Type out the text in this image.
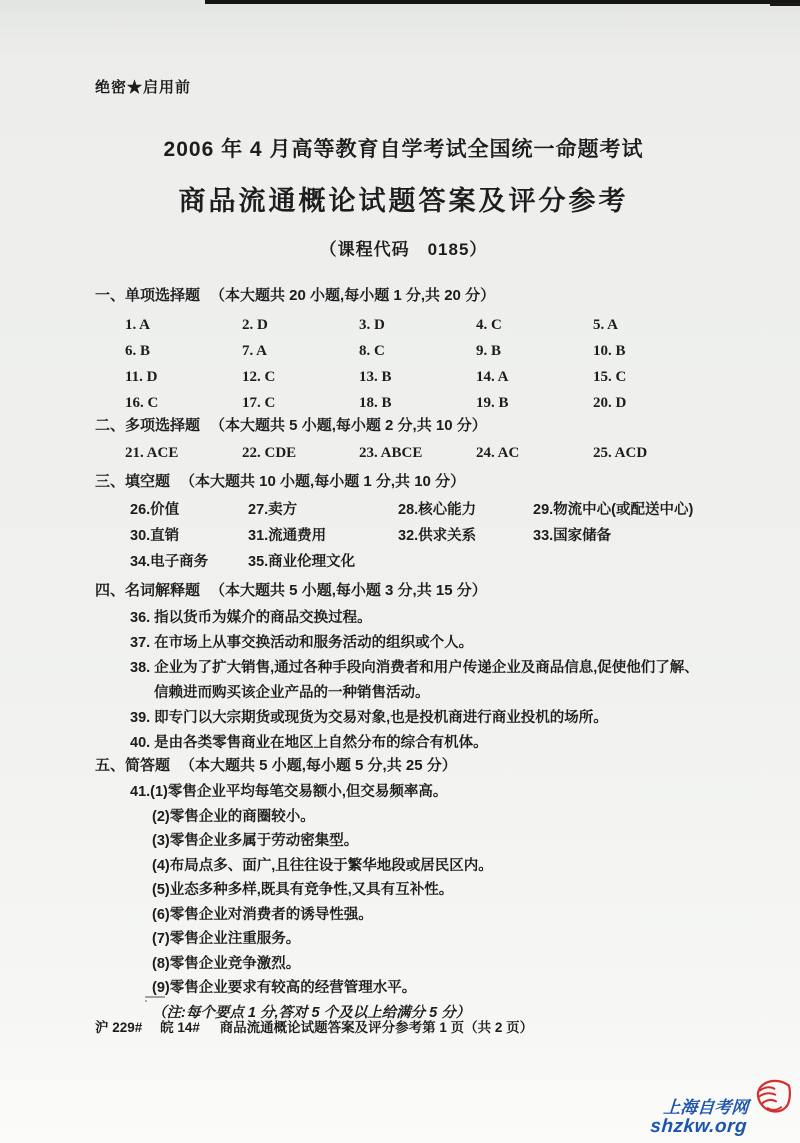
绝密★启用前
2006 年 4 月高等教育自学考试全国统一命题考试
商品流通概论试题答案及评分参考
（课程代码　0185）
一、单项选择题 （本大题共 20 小题,每小题 1 分,共 20 分）
1. A	2. D	3. D	4. C	5. A
6. B	7. A	8. C	9. B	10. B
11. D	12. C	13. B	14. A	15. C
16. C	17. C	18. B	19. B	20. D
二、多项选择题 （本大题共 5 小题,每小题 2 分,共 10 分）
21. ACE	22. CDE	23. ABCE	24. AC	25. ACD
三、填空题 （本大题共 10 小题,每小题 1 分,共 10 分）
26.价值	27.卖方	28.核心能力	29.物流中心(或配送中心)
30.直销	31.流通费用	32.供求关系	33.国家储备
34.电子商务	35.商业伦理文化
四、名词解释题 （本大题共 5 小题,每小题 3 分,共 15 分）
36. 指以货币为媒介的商品交换过程。
37. 在市场上从事交换活动和服务活动的组织或个人。
38. 企业为了扩大销售,通过各种手段向消费者和用户传递企业及商品信息,促使他们了解、信赖进而购买该企业产品的一种销售活动。
39. 即专门以大宗期货或现货为交易对象,也是投机商进行商业投机的场所。
40. 是由各类零售商业在地区上自然分布的综合有机体。
五、简答题 （本大题共 5 小题,每小题 5 分,共 25 分）
41.(1)零售企业平均每笔交易额小,但交易频率高。
(2)零售企业的商圈较小。
(3)零售企业多属于劳动密集型。
(4)布局点多、面广,且往往设于繁华地段或居民区内。
(5)业态多种多样,既具有竞争性,又具有互补性。
(6)零售企业对消费者的诱导性强。
(7)零售企业注重服务。
(8)零售企业竞争激烈。
(9)零售企业要求有较高的经营管理水平。
（注:每个要点 1 分,答对 5 个及以上给满分 5 分）
沪 229# 皖 14# 商品流通概论试题答案及评分参考第 1 页（共 2 页）
上海自考网
shzkw.org
